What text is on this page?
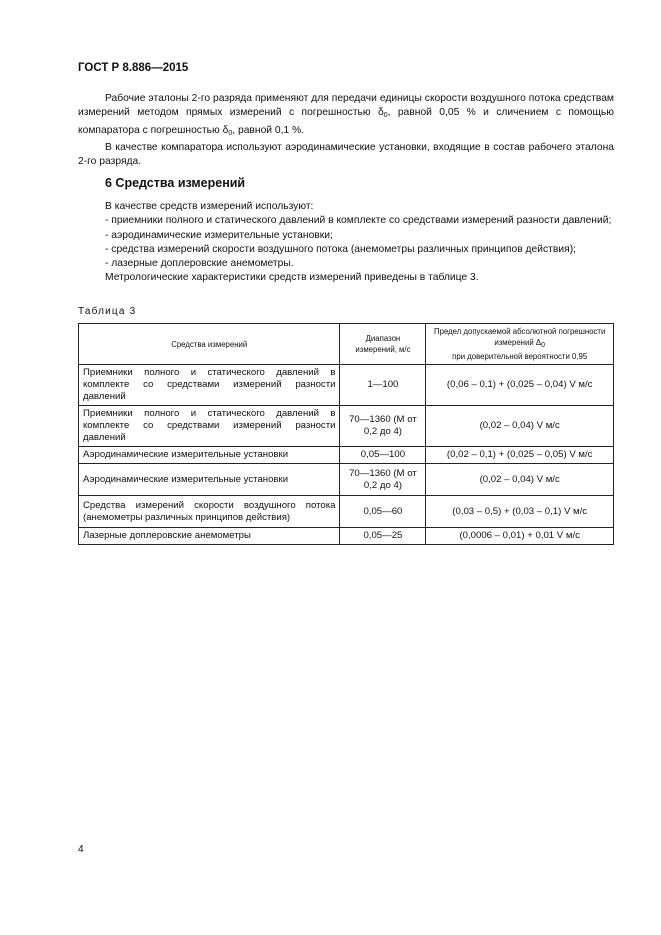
ГОСТ Р 8.886—2015

Рабочие эталоны 2-го разряда применяют для передачи единицы скорости воздушного потока средствам измерений методом прямых измерений с погрешностью $\delta_0$, равной 0,05 % и сличением с помощью компаратора с погрешностью $\delta_0$, равной 0,1 %.

В качестве компаратора используют аэродинамические установки, входящие в состав рабочего эталона 2-го разряда.

6 Средства измерений

В качестве средств измерений используют:

- приемники полного и статического давлений в комплекте со средствами измерений разности давлений;

- аэродинамические измерительные установки;

- средства измерений скорости воздушного потока (анемометры различных принципов действия);

- лазерные доплеровские анемометры.

Метрологические характеристики средств измерений приведены в таблице 3.

Таблица 3
Средства измерений	Диапазон измерений, м/с	Предел допускаемой абсолютной погрешности измерений Δ0
при доверительной вероятности 0,95
Приемники полного и статического давлений в комплекте со средствами измерений разности давлений	1—100	(0,06 – 0,1) + (0,025 – 0,04) V м/с
Приемники полного и статического давлений в комплекте со средствами измерений разности давлений	70—1360 (M от 0,2 до 4)	(0,02 – 0,04) V м/с
Аэродинамические измерительные установки	0,05—100	(0,02 – 0,1) + (0,025 – 0,05) V м/с
Аэродинамические измерительные установки	70—1360 (M от 0,2 до 4)	(0,02 – 0,04) V м/с
Средства измерений скорости воздушного потока (анемометры различных принципов действия)	0,05—60	(0,03 – 0,5) + (0,03 – 0,1) V м/с
Лазерные доплеровские анемометры	0,05—25	(0,0006 – 0,01) + 0,01 V м/с
4
